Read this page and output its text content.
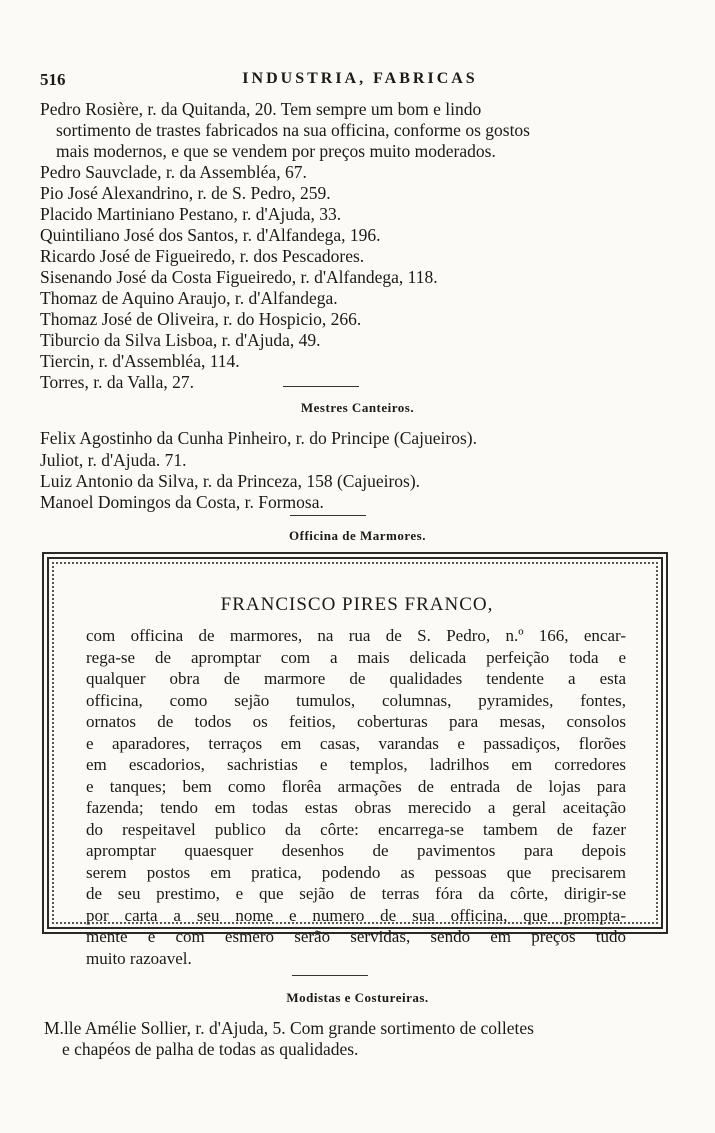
516	INDUSTRIA, FABRICAS
Pedro Rosière, r. da Quitanda, 20. Tem sempre um bom e lindo
sortimento de trastes fabricados na sua officina, conforme os gostos
mais modernos, e que se vendem por preços muito moderados.
Pedro Sauvclade, r. da Assembléa, 67.
Pio José Alexandrino, r. de S. Pedro, 259.
Placido Martiniano Pestano, r. d'Ajuda, 33.
Quintiliano José dos Santos, r. d'Alfandega, 196.
Ricardo José de Figueiredo, r. dos Pescadores.
Sisenando José da Costa Figueiredo, r. d'Alfandega, 118.
Thomaz de Aquino Araujo, r. d'Alfandega.
Thomaz José de Oliveira, r. do Hospicio, 266.
Tiburcio da Silva Lisboa, r. d'Ajuda, 49.
Tiercin, r. d'Assembléa, 114.
Torres, r. da Valla, 27.
Mestres Canteiros.
Felix Agostinho da Cunha Pinheiro, r. do Principe (Cajueiros).
Juliot, r. d'Ajuda. 71.
Luiz Antonio da Silva, r. da Princeza, 158 (Cajueiros).
Manoel Domingos da Costa, r. Formosa.
Officina de Marmores.
FRANCISCO PIRES FRANCO,
com officina de marmores, na rua de S. Pedro, n.º 166, encar-
rega-se de apromptar com a mais delicada perfeição toda e
qualquer obra de marmore de qualidades tendente a esta
officina, como sejão tumulos, columnas, pyramides, fontes,
ornatos de todos os feitios, coberturas para mesas, consolos
e aparadores, terraços em casas, varandas e passadiços, florões
em escadorios, sachristias e templos, ladrilhos em corredores
e tanques; bem como florêa armações de entrada de lojas para
fazenda; tendo em todas estas obras merecido a geral aceitação
do respeitavel publico da côrte: encarrega-se tambem de fazer
apromptar quaesquer desenhos de pavimentos para depois
serem postos em pratica, podendo as pessoas que precisarem
de seu prestimo, e que sejão de terras fóra da côrte, dirigir-se
por carta a seu nome e numero de sua officina, que prompta-
mente e com esmero serão servidas, sendo em preços tudo
muito razoavel.
Modistas e Costureiras.
M.lle Amélie Sollier, r. d'Ajuda, 5. Com grande sortimento de colletes
e chapéos de palha de todas as qualidades.
